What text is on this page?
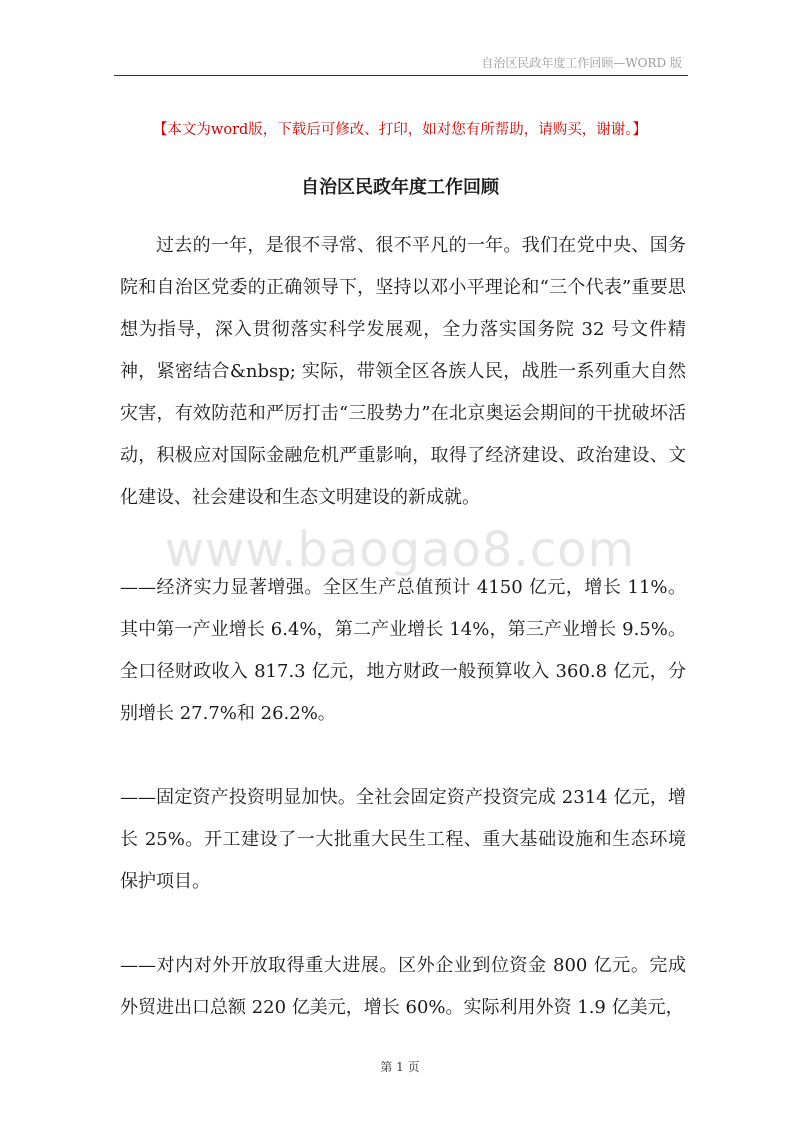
自治区民政年度工作回顾—WORD 版
【本文为word版，下载后可修改、打印，如对您有所帮助，请购买，谢谢。】
自治区民政年度工作回顾
www.baogao8.com

过去的一年，是很不寻常、很不平凡的一年。我们在党中央、国务院和自治区党委的正确领导下，坚持以邓小平理论和“三个代表”重要思想为指导，深入贯彻落实科学发展观，全力落实国务院 32 号文件精神，紧密结合&nbsp; 实际，带领全区各族人民，战胜一系列重大自然灾害，有效防范和严厉打击“三股势力”在北京奥运会期间的干扰破坏活动，积极应对国际金融危机严重影响，取得了经济建设、政治建设、文化建设、社会建设和生态文明建设的新成就。

——经济实力显著增强。全区生产总值预计 4150 亿元，增长 11%。其中第一产业增长 6.4%，第二产业增长 14%，第三产业增长 9.5%。全口径财政收入 817.3 亿元，地方财政一般预算收入 360.8 亿元，分别增长 27.7%和 26.2%。

——固定资产投资明显加快。全社会固定资产投资完成 2314 亿元，增长 25%。开工建设了一大批重大民生工程、重大基础设施和生态环境保护项目。

——对内对外开放取得重大进展。区外企业到位资金 800 亿元。完成外贸进出口总额 220 亿美元，增长 60%。实际利用外资 1.9 亿美元，

第 1 页
